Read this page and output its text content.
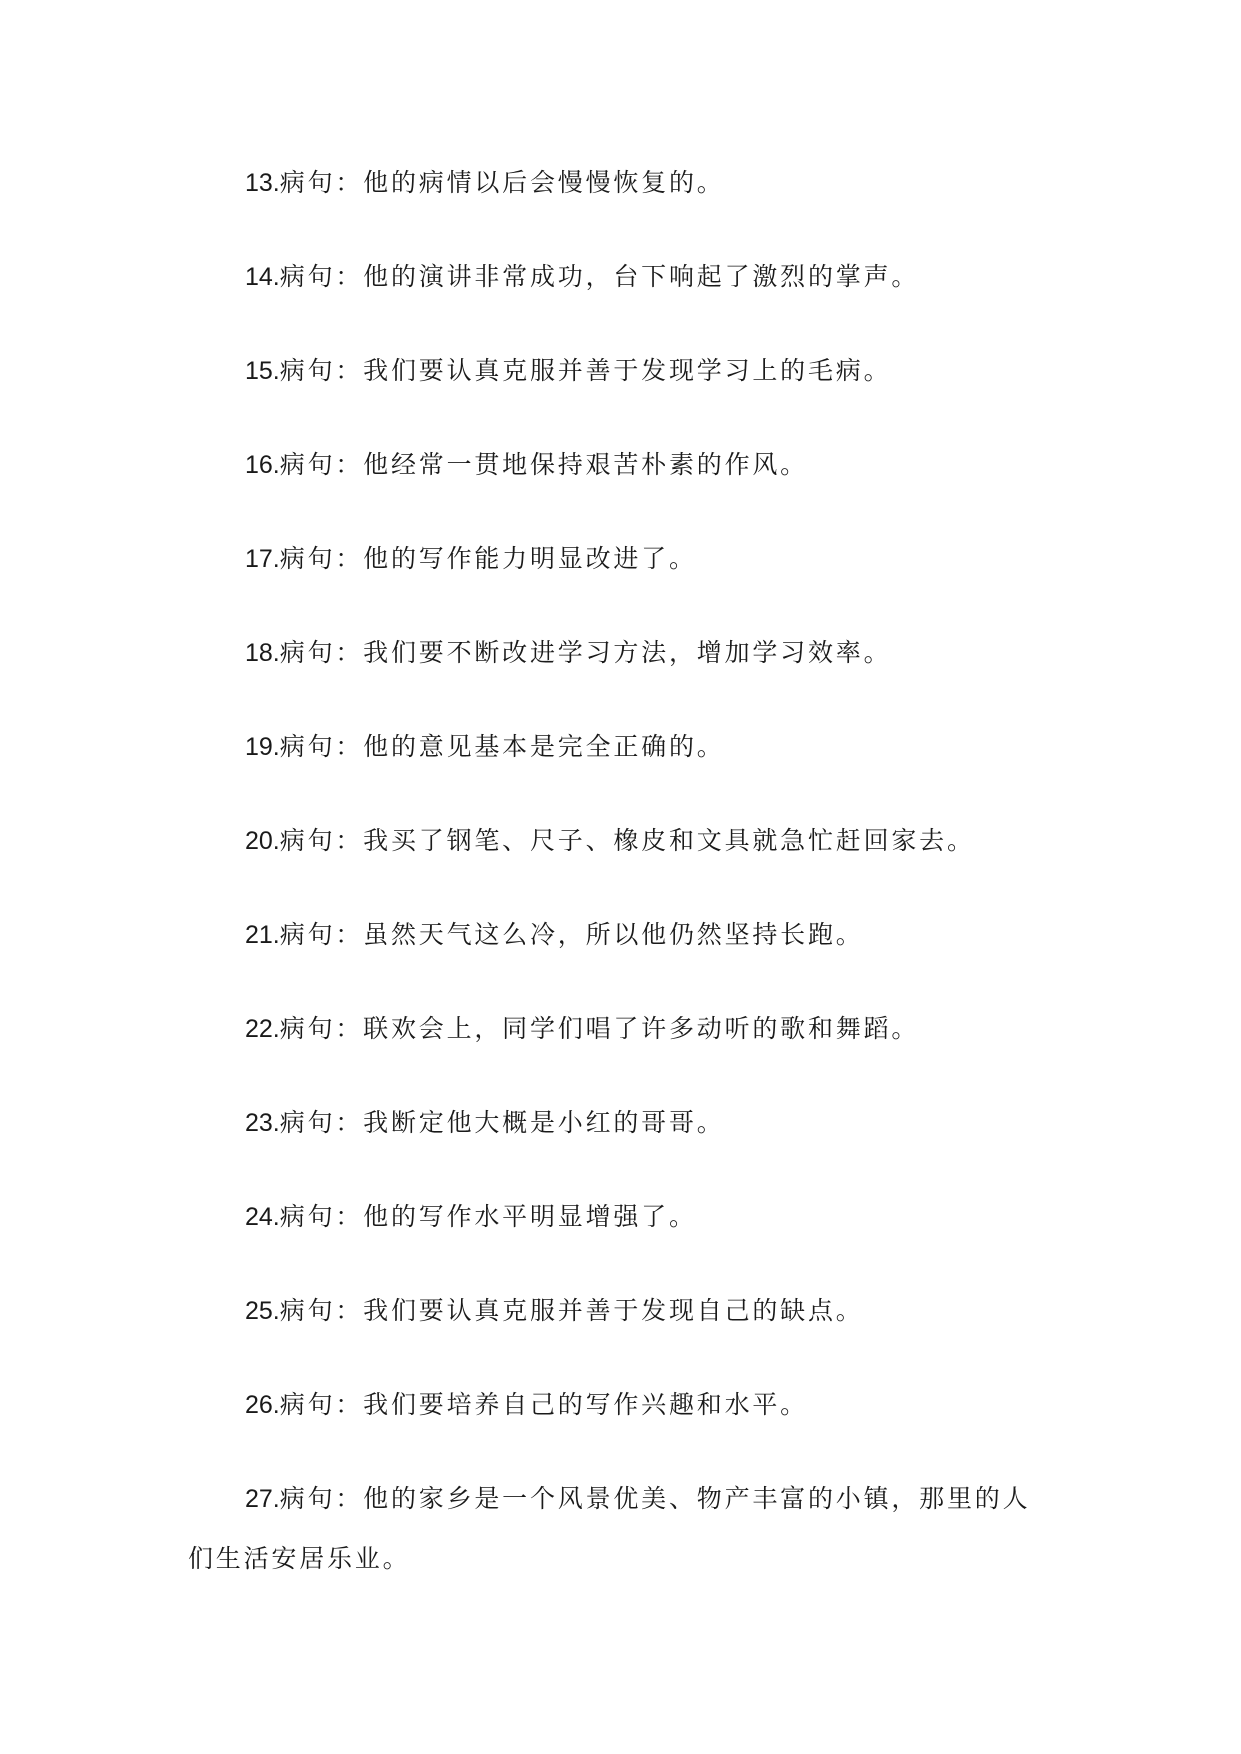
13.病句：他的病情以后会慢慢恢复的。
14.病句：他的演讲非常成功，台下响起了激烈的掌声。
15.病句：我们要认真克服并善于发现学习上的毛病。
16.病句：他经常一贯地保持艰苦朴素的作风。
17.病句：他的写作能力明显改进了。
18.病句：我们要不断改进学习方法，增加学习效率。
19.病句：他的意见基本是完全正确的。
20.病句：我买了钢笔、尺子、橡皮和文具就急忙赶回家去。
21.病句：虽然天气这么冷，所以他仍然坚持长跑。
22.病句：联欢会上，同学们唱了许多动听的歌和舞蹈。
23.病句：我断定他大概是小红的哥哥。
24.病句：他的写作水平明显增强了。
25.病句：我们要认真克服并善于发现自己的缺点。
26.病句：我们要培养自己的写作兴趣和水平。
27.病句：他的家乡是一个风景优美、物产丰富的小镇，那里的人们生活安居乐业。
